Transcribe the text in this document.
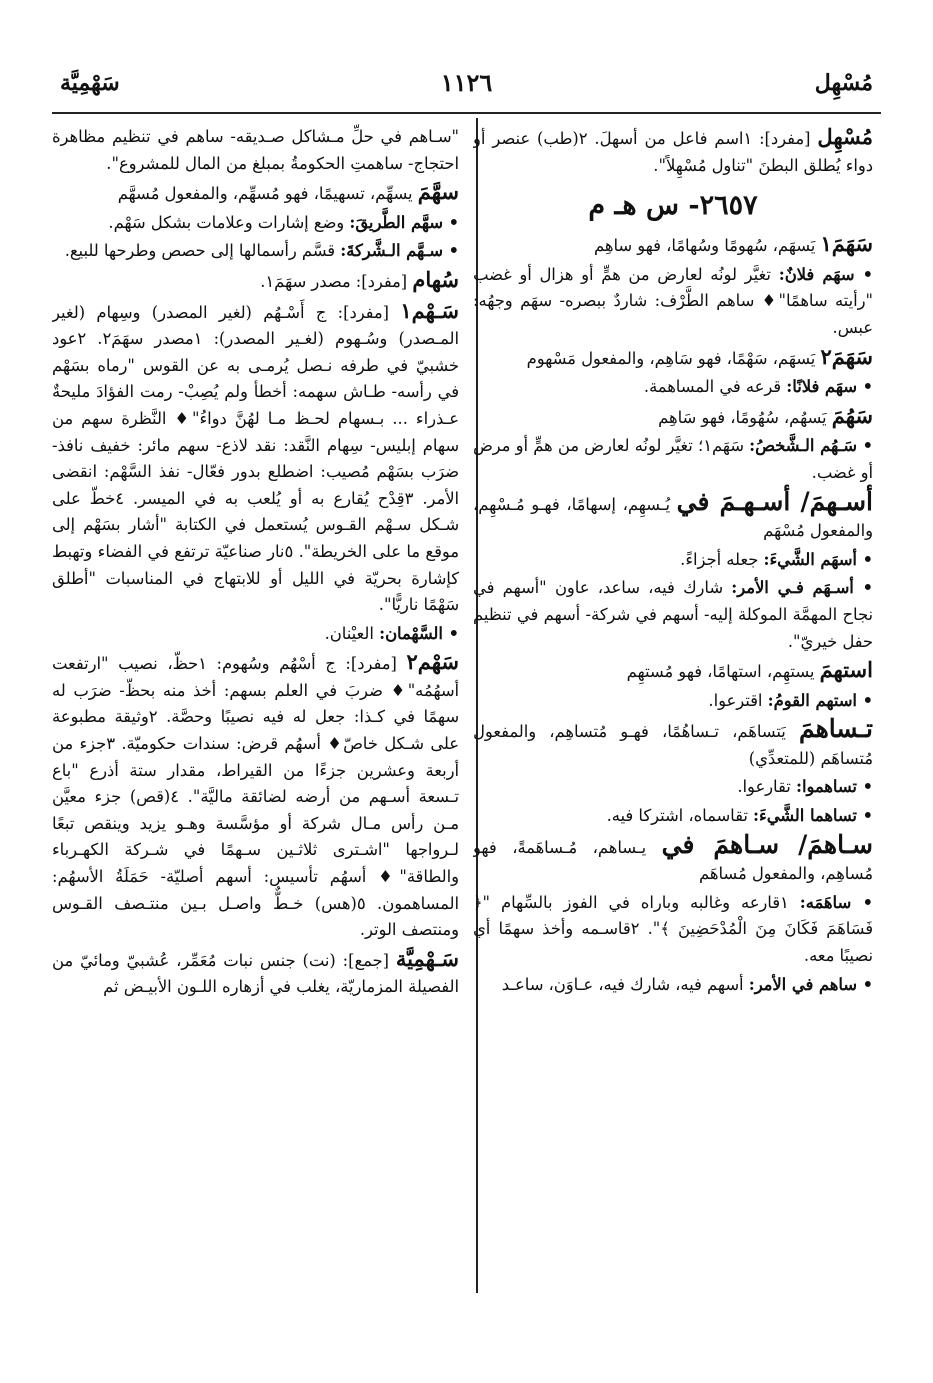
مُسْهِل
١١٢٦
سَهْمِيَّة

مُسْهِل [مفرد]: ١اسم فاعل من أسهلَ. ٢(طب) عنصر أو دواء يُطلق البطنَ "تناول مُسْهِلاً".

٢٦٥٧- س هـ م

سَهَمَ١ يَسهَم، سُهومًا وسُهامًا، فهو ساهِم

• سهَم فلانٌ: تغيَّر لونُه لعارض من همٍّ أو هزال أو غضب "رأيته ساهمًا"♦ ساهم الطَّرْف: شاردٌ ببصره- سهَم وجهُه: عبس.

سَهَمَ٢ يَسهَم، سَهْمًا، فهو سَاهِم، والمفعول مَسْهوم

• سهَم فلانًا: قرعه في المساهمة.

سَهُمَ يَسهُم، سُهُومًا، فهو سَاهِم

• سَـهُم الـشَّخصُ: سَهَم١؛ تغيَّر لونُه لعارض من همٍّ أو مرض أو غضب.

أسـهمَ/ أسـهـمَ في يُـسهِم، إسهامًا، فهـو مُـسْهِم، والمفعول مُسْهَم

• أسهَم الشَّيءَ: جعله أجزاءً.

• أسـهَم فـي الأمر: شارك فيه، ساعد، عاون "أسهم في نجاح المهمَّة الموكلة إليه- أسهم في شركة- أسهم في تنظيم حفل خيريّ".

استهمَ يستهِم، استهامًا، فهو مُستهِم

• استهم القومُ: اقترعوا.

تـساهمَ يَتساهَم، تـساهُمًا، فهـو مُتساهِم، والمفعول مُتساهَم (للمتعدِّي)

• تساهموا: تقارعوا.

• تساهما الشَّيءَ: تقاسماه، اشتركا فيه.

سـاهمَ/ سـاهمَ في يـساهم، مُـساهَمةً، فهو مُساهِم، والمفعول مُساهَم

• ساهَمَه: ١قارعه وغالبه وباراه في الفوز بالسِّهام "﴿ فَسَاهَمَ فَكَانَ مِنَ الْمُدْحَضِينَ ﴾". ٢قاسـمه وأخذ سهمًا أي نصيبًا معه.

• ساهم في الأمر: أسهم فيه، شارك فيه، عـاوَن، ساعـد

"سـاهم في حلِّ مـشاكل صـديقه- ساهم في تنظيم مظاهرة احتجاج- ساهمتِ الحكومةُ بمبلغ من المال للمشروع".

سهَّمَ يسهِّم، تسهيمًا، فهو مُسهِّم، والمفعول مُسهَّم

• سهَّم الطَّريقَ: وضع إشارات وعلامات بشكل سَهْم.

• سـهَّم الـشَّركةَ: قسَّم رأسمالها إلى حصص وطرحها للبيع.

سُهام [مفرد]: مصدر سهَمَ١.

سَـهْم١ [مفرد]: ج أَسْـهُم (لغير المصدر) وسِهام (لغير المـصدر) وسُـهوم (لغـير المصدر): ١مصدر سهَمَ٢. ٢عود خشبيّ في طرفه نـصل يُرمـى به عن القوس "رماه بسَهْم في رأسه- طـاش سهمه: أخطأ ولم يُصِبْ- رمت الفؤادَ مليحةٌ عـذراء ... بـسهام لحـظ مـا لهُنَّ دواءُ"♦ النَّظرة سهم من سهام إبليس- سِهام النَّقد: نقد لاذع- سهم مائر: خفيف نافذ- ضرَب بسَهْم مُصيب: اضطلع بدور فعّال- نفذ السَّهْم: انقضى الأمر. ٣قِدْح يُقارع به أو يُلعب به في الميسر. ٤خطّ على شـكل سـهْم القـوس يُستعمل في الكتابة "أشار بسَهْم إلى موقع ما على الخريطة". ٥نار صناعيّة ترتفع في الفضاء وتهبط كإشارة بحريّة في الليل أو للابتهاج في المناسبات "أطلق سَهْمًا ناريًّا".

• السَّهْمان: العيْنان.

سَهْم٢ [مفرد]: ج أسْهُم وسُهوم: ١حظّ، نصيب "ارتفعت أسهُمُه"♦ ضربَ في العلم بسهم: أخذ منه بحظّ- ضرَب له سهمًا في كـذا: جعل له فيه نصيبًا وحصَّة. ٢وثيقة مطبوعة على شـكل خاصّ♦ أسهُم قرض: سندات حكوميّة. ٣جزء من أربعة وعشرين جزءًا من القيراط، مقدار ستة أذرع "باع تـسعة أسـهم من أرضه لضائقة ماليَّة". ٤(قص) جزء معيَّن مـن رأس مـال شركة أو مؤسَّسة وهـو يزيد وينقص تبعًا لـرواجها "اشـترى ثلاثـين سـهمًا في شـركة الكهـرباء والطاقة"♦ أسهُم تأسيس: أسهم أصليّة- حَمَلَةُ الأسهُم: المساهمون. ٥(هس) خـطٌّ واصـل بـين منتـصف القـوس ومنتصف الوتر.

سَـهْمِيَّة [جمع]: (نت) جنس نبات مُعَمِّر، عُشبيّ ومائيّ من الفصيلة المزماريّة، يغلب في أزهاره اللـون الأبيـض ثم
